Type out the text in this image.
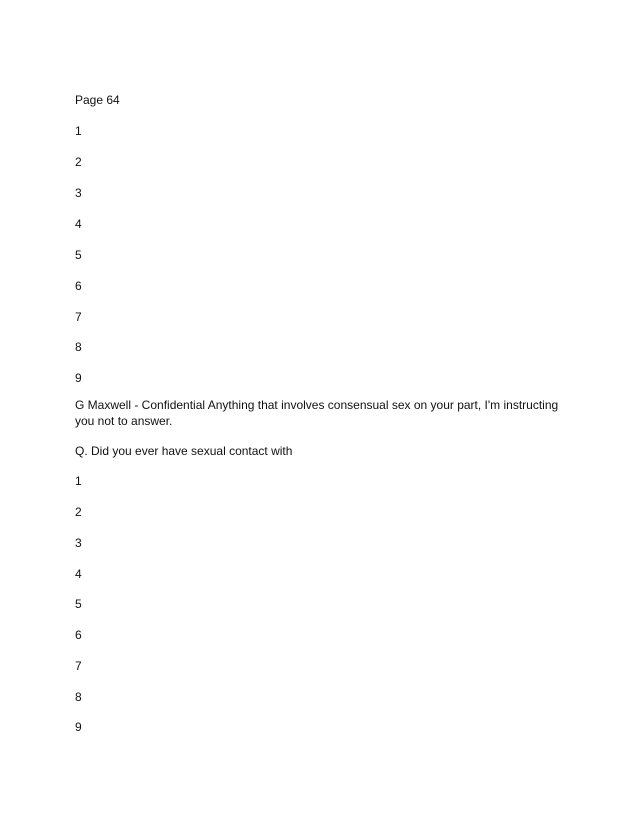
Page 64

1

2

3

4

5

6

7

8

9

G Maxwell - Confidential Anything that involves consensual sex on your part, I'm instructing you not to answer.

Q. Did you ever have sexual contact with

1

2

3

4

5

6

7

8

9
